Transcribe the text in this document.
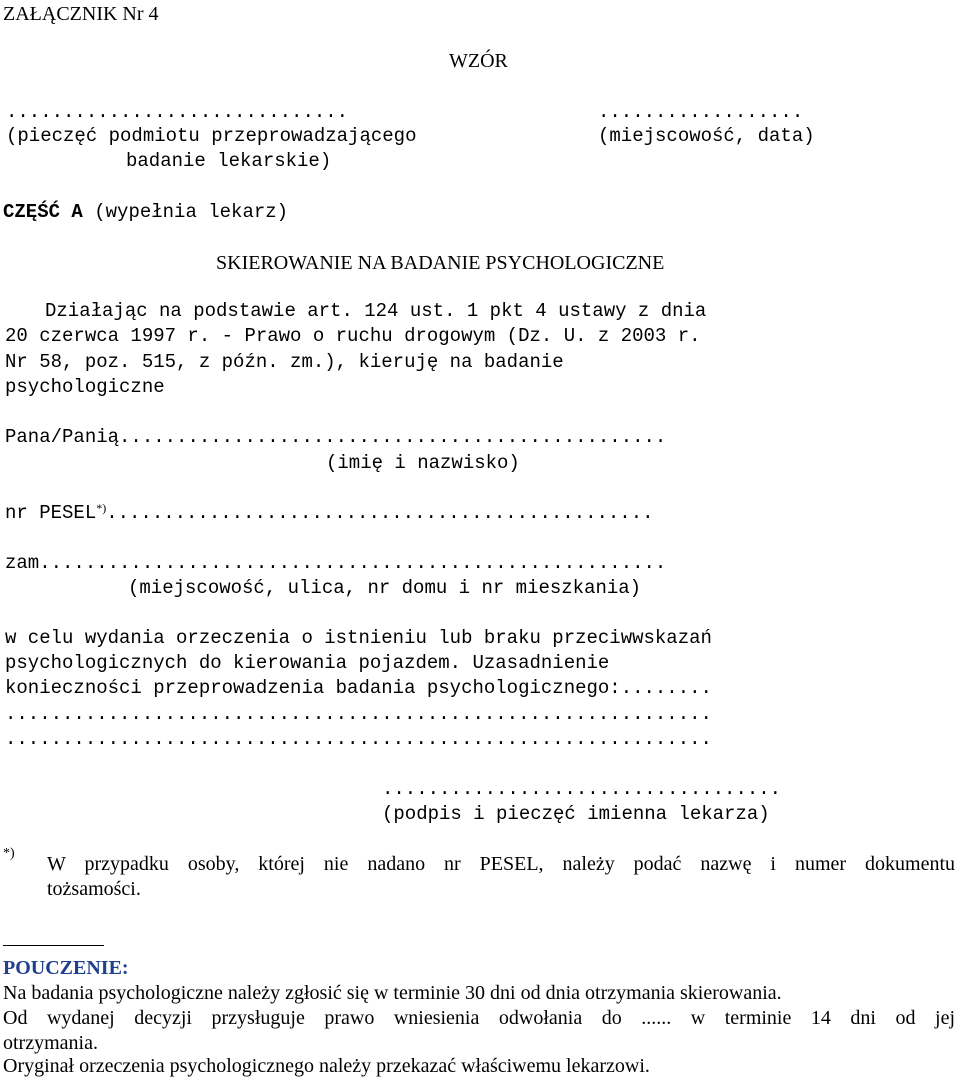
ZAŁĄCZNIK Nr 4
WZÓR
..............................
(pieczęć podmiotu przeprowadzającego
badanie lekarskie)
..................
(miejscowość, data)
CZĘŚĆ A (wypełnia lekarz)
SKIEROWANIE NA BADANIE PSYCHOLOGICZNE
Działając na podstawie art. 124 ust. 1 pkt 4 ustawy z dnia
20 czerwca 1997 r. - Prawo o ruchu drogowym (Dz. U. z 2003 r.
Nr 58, poz. 515, z późn. zm.), kieruję na badanie
psychologiczne
Pana/Panią................................................
(imię i nazwisko)
nr PESEL*)................................................
zam.......................................................
(miejscowość, ulica, nr domu i nr mieszkania)
w celu wydania orzeczenia o istnieniu lub braku przeciwwskazań
psychologicznych do kierowania pojazdem. Uzasadnienie
konieczności przeprowadzenia badania psychologicznego:........
..............................................................
..............................................................
...................................
(podpis i pieczęć imienna lekarza)
*) W przypadku osoby, której nie nadano nr PESEL, należy podać nazwę i numer dokumentu
tożsamości.
POUCZENIE:
Na badania psychologiczne należy zgłosić się w terminie 30 dni od dnia otrzymania skierowania.
Od wydanej decyzji przysługuje prawo wniesienia odwołania do ...... w terminie 14 dni od jej
otrzymania.
Oryginał orzeczenia psychologicznego należy przekazać właściwemu lekarzowi.
